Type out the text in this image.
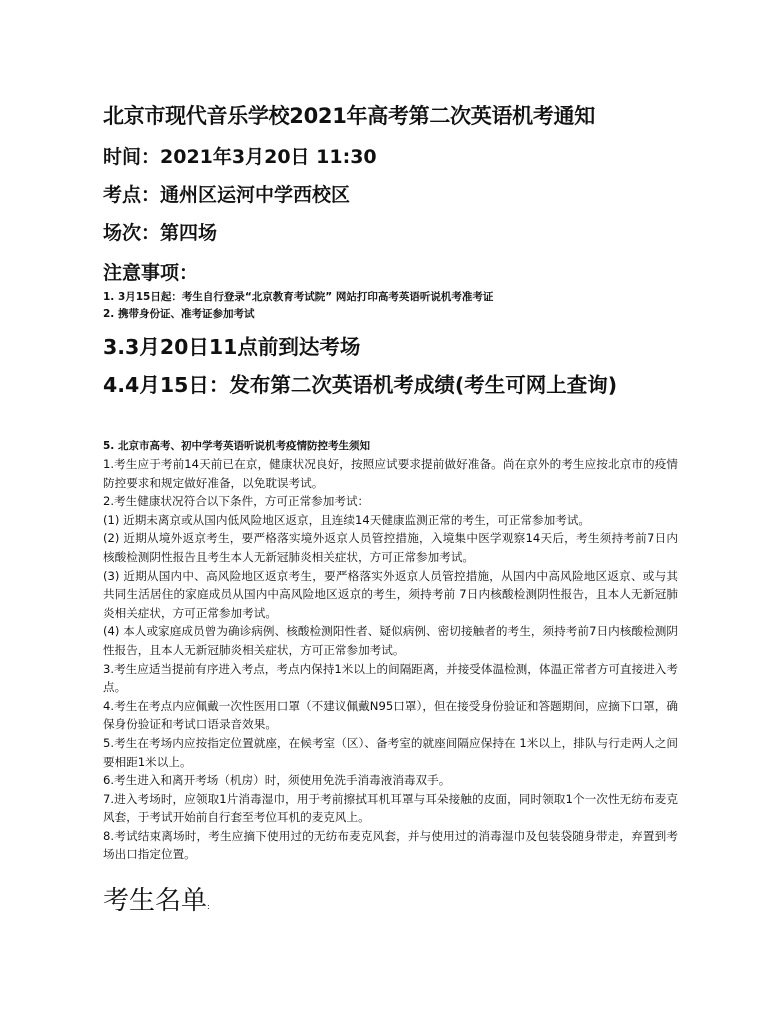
北京市现代音乐学校2021年高考第二次英语机考通知
时间：2021年3月20日 11:30
考点：通州区运河中学西校区
场次：第四场
注意事项：
1. 3月15日起：考生自行登录“北京教育考试院” 网站打印高考英语听说机考准考证
2. 携带身份证、准考证参加考试
3.3月20日11点前到达考场
4.4月15日：发布第二次英语机考成绩(考生可网上查询)
5. 北京市高考、初中学考英语听说机考疫情防控考生须知

1.考生应于考前14天前已在京，健康状况良好，按照应试要求提前做好准备。尚在京外的考生应按北京市的疫情防控要求和规定做好准备，以免耽误考试。

2.考生健康状况符合以下条件，方可正常参加考试：

(1) 近期未离京或从国内低风险地区返京，且连续14天健康监测正常的考生，可正常参加考试。

(2) 近期从境外返京考生，要严格落实境外返京人员管控措施，入境集中医学观察14天后，考生须持考前7日内核酸检测阴性报告且考生本人无新冠肺炎相关症状，方可正常参加考试。

(3) 近期从国内中、高风险地区返京考生，要严格落实外返京人员管控措施，从国内中高风险地区返京、或与其共同生活居住的家庭成员从国内中高风险地区返京的考生，须持考前 7日内核酸检测阴性报告，且本人无新冠肺炎相关症状，方可正常参加考试。

(4) 本人或家庭成员曾为确诊病例、核酸检测阳性者、疑似病例、密切接触者的考生，须持考前7日内核酸检测阴性报告，且本人无新冠肺炎相关症状，方可正常参加考试。

3.考生应适当提前有序进入考点，考点内保持1米以上的间隔距离，并接受体温检测，体温正常者方可直接进入考点。

4.考生在考点内应佩戴一次性医用口罩（不建议佩戴N95口罩），但在接受身份验证和答题期间，应摘下口罩，确保身份验证和考试口语录音效果。

5.考生在考场内应按指定位置就座，在候考室（区）、备考室的就座间隔应保持在 1米以上，排队与行走两人之间要相距1米以上。

6.考生进入和离开考场（机房）时，须使用免洗手消毒液消毒双手。

7.进入考场时，应领取1片消毒湿巾，用于考前擦拭耳机耳罩与耳朵接触的皮面，同时领取1个一次性无纺布麦克风套，于考试开始前自行套至考位耳机的麦克风上。

8.考试结束离场时，考生应摘下使用过的无纺布麦克风套，并与使用过的消毒湿巾及包装袋随身带走，弃置到考场出口指定位置。

考生名单:
